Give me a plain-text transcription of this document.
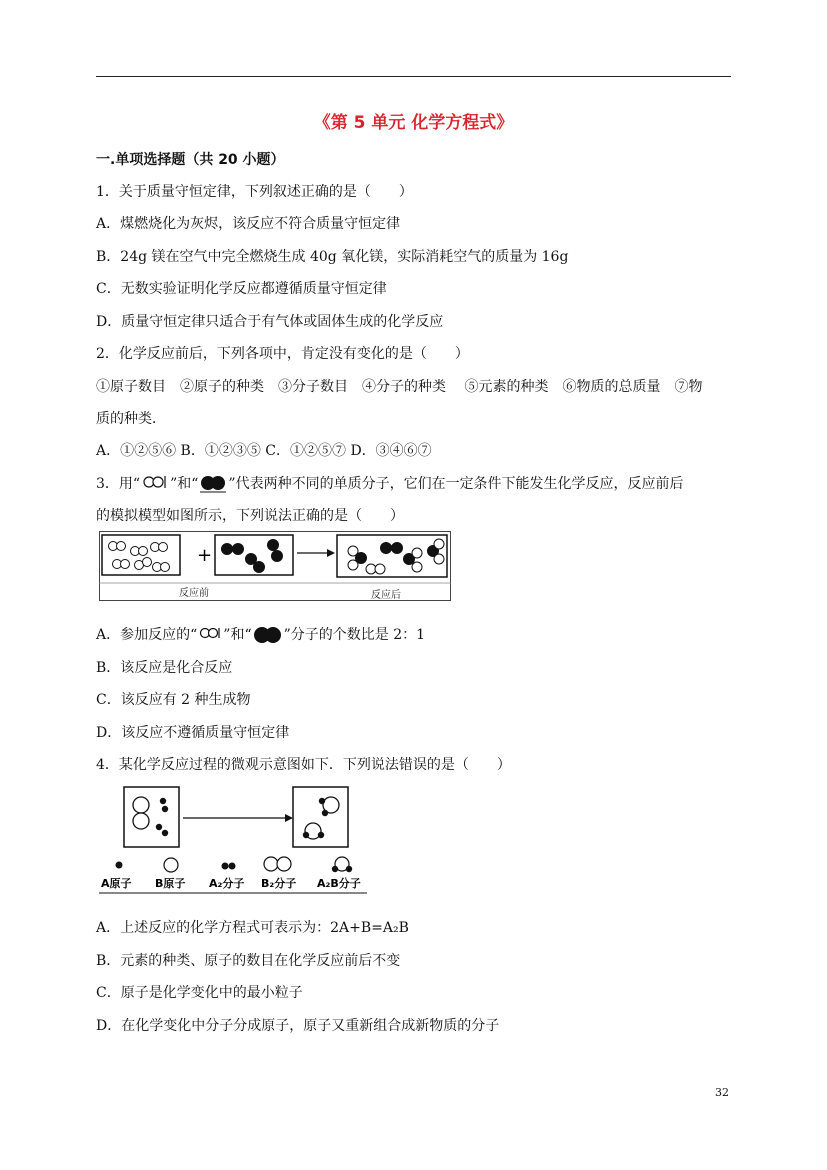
《第 5 单元 化学方程式》
一.单项选择题（共 20 小题）
1．关于质量守恒定律，下列叙述正确的是（　　）
A．煤燃烧化为灰烬，该反应不符合质量守恒定律
B．24g 镁在空气中完全燃烧生成 40g 氧化镁，实际消耗空气的质量为 16g
C．无数实验证明化学反应都遵循质量守恒定律
D．质量守恒定律只适合于有气体或固体生成的化学反应
2．化学反应前后，下列各项中，肯定没有变化的是（　　）
①原子数目　②原子的种类　③分子数目　④分子的种类　 ⑤元素的种类　⑥物质的总质量　⑦物
质的种类．
A．①②⑤⑥ B．①②③⑤ C．①②⑤⑦ D．③④⑥⑦
3．用“ ”和“ ”代表两种不同的单质分子，它们在一定条件下能发生化学反应，反应前后
的模拟模型如图所示，下列说法正确的是（　　）
+
反应前	反应后
A．参加反应的“ ”和“ ”分子的个数比是 2：1
B．该反应是化合反应
C．该反应有 2 种生成物
D．该反应不遵循质量守恒定律
4．某化学反应过程的微观示意图如下．下列说法错误的是（　　）
A原子 B原子 A₂分子 B₂分子 A₂B分子
A．上述反应的化学方程式可表示为：2A+B=A₂B
B．元素的种类、原子的数目在化学反应前后不变
C．原子是化学变化中的最小粒子
D．在化学变化中分子分成原子，原子又重新组合成新物质的分子
32
